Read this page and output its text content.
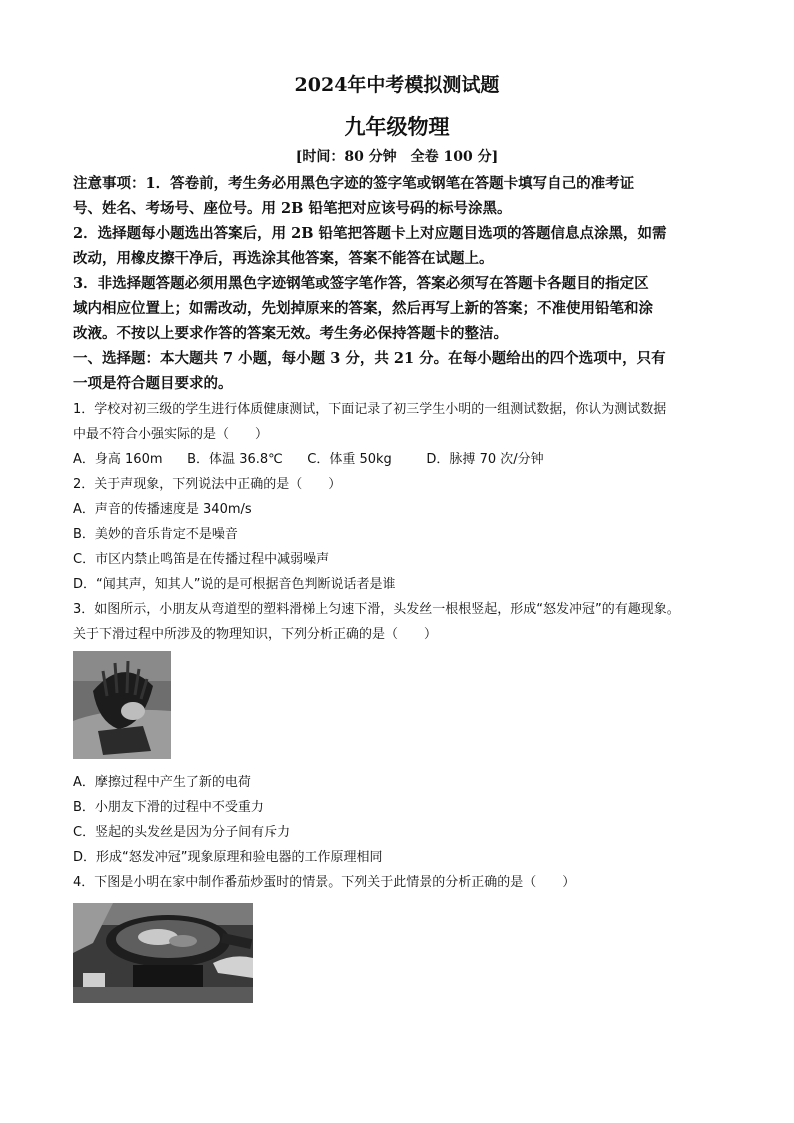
2024年中考模拟测试题
九年级物理
[时间：80 分钟　全卷 100 分]
注意事项：1．答卷前，考生务必用黑色字迹的签字笔或钢笔在答题卡填写自己的准考证
号、姓名、考场号、座位号。用 2B 铅笔把对应该号码的标号涂黑。
2．选择题每小题选出答案后，用 2B 铅笔把答题卡上对应题目选项的答题信息点涂黑，如需
改动，用橡皮擦干净后，再选涂其他答案，答案不能答在试题上。
3．非选择题答题必须用黑色字迹钢笔或签字笔作答，答案必须写在答题卡各题目的指定区
域内相应位置上；如需改动，先划掉原来的答案，然后再写上新的答案；不准使用铅笔和涂
改液。不按以上要求作答的答案无效。考生务必保持答题卡的整洁。
一、选择题：本大题共 7 小题，每小题 3 分，共 21 分。在每小题给出的四个选项中，只有
一项是符合题目要求的。
1．学校对初三级的学生进行体质健康测试，下面记录了初三学生小明的一组测试数据，你认为测试数据
中最不符合小强实际的是（　　）
A．身高 160m B．体温 36.8℃ C．体重 50kg	D．脉搏 70 次/分钟
2．关于声现象，下列说法中正确的是（　　）
A．声音的传播速度是 340m/s
B．美妙的音乐肯定不是噪音
C．市区内禁止鸣笛是在传播过程中减弱噪声
D．“闻其声，知其人”说的是可根据音色判断说话者是谁
3．如图所示，小朋友从弯道型的塑料滑梯上匀速下滑，头发丝一根根竖起，形成“怒发冲冠”的有趣现象。
关于下滑过程中所涉及的物理知识，下列分析正确的是（　　）
A．摩擦过程中产生了新的电荷
B．小朋友下滑的过程中不受重力
C．竖起的头发丝是因为分子间有斥力
D．形成“怒发冲冠”现象原理和验电器的工作原理相同
4．下图是小明在家中制作番茄炒蛋时的情景。下列关于此情景的分析正确的是（　　）
